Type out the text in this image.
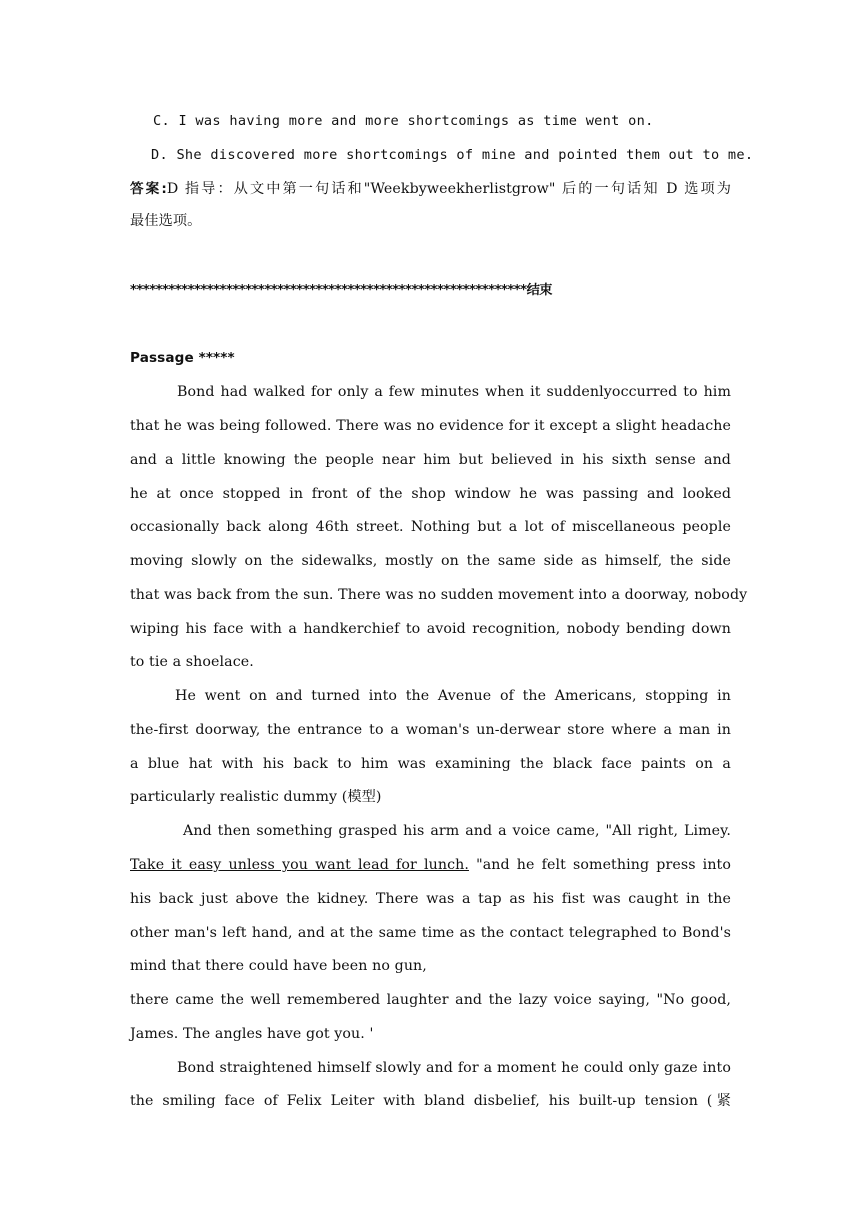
C. I was having more and more shortcomings as time went on.
D. She discovered more shortcomings of mine and pointed them out to me.
答案:D 指导：从文中第一句话和"Weekbyweekherlistgrow" 后的一句话知 D 选项为
最佳选项。
**************************************************************结束
Passage *****
Bond had walked for only a few minutes when it suddenlyoccurred to him
that he was being followed. There was no evidence for it except a slight headache
and a little knowing the people near him but believed in his sixth sense and
he at once stopped in front of the shop window he was passing and looked
occasionally back along 46th street. Nothing but a lot of miscellaneous people
moving slowly on the sidewalks, mostly on the same side as himself, the side
that was back from the sun. There was no sudden movement into a doorway, nobody
wiping his face with a handkerchief to avoid recognition, nobody bending down
to tie a shoelace.
He went on and turned into the Avenue of the Americans, stopping in
the-first doorway, the entrance to a woman's un-derwear store where a man in
a blue hat with his back to him was examining the black face paints on a
particularly realistic dummy (模型)
And then something grasped his arm and a voice came, "All right, Limey.
Take it easy unless you want lead for lunch. "and he felt something press into
his back just above the kidney. There was a tap as his fist was caught in the
other man's left hand, and at the same time as the contact telegraphed to Bond's
mind that there could have been no gun,
there came the well remembered laughter and the lazy voice saying, "No good,
James. The angles have got you. '
Bond straightened himself slowly and for a moment he could only gaze into
the smiling face of Felix Leiter with bland disbelief, his built-up tension (紧
